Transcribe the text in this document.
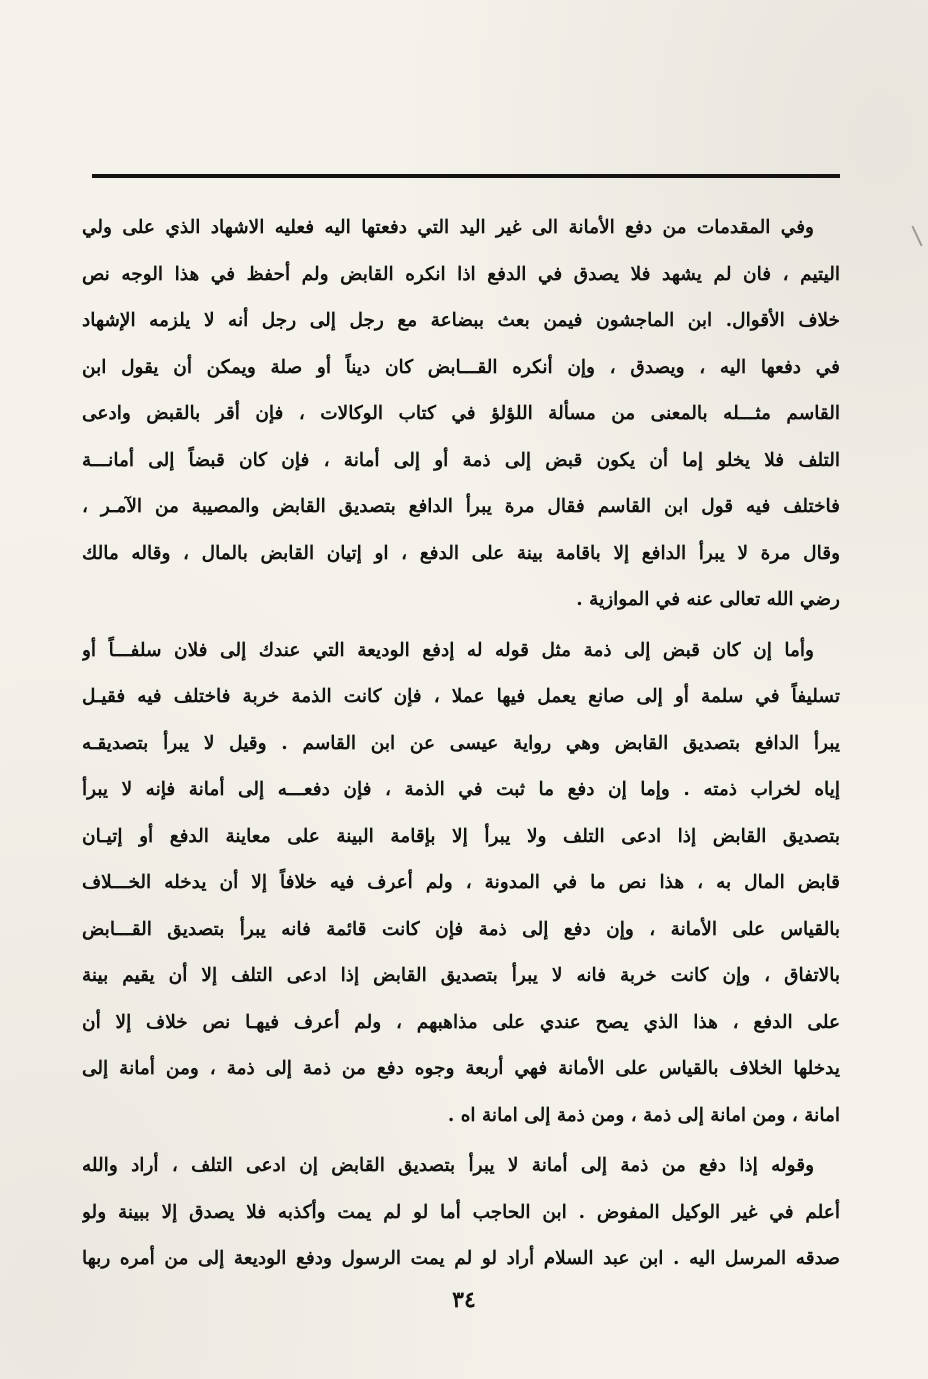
وفي المقدمات من دفع الأمانة الى غير اليد التي دفعتها اليه فعليه الاشهاد الذي على ولي
اليتيم ، فان لم يشهد فلا يصدق في الدفع اذا انكره القابض ولم أحفظ في هذا الوجه نص
خلاف الأقوال. ابن الماجشون فيمن بعث ببضاعة مع رجل إلى رجل أنه لا يلزمه الإشهاد
في دفعها اليه ، ويصدق ، وإن أنكره القـــابض كان ديناً أو صلة ويمكن أن يقول ابن
القاسم مثـــله بالمعنى من مسألة اللؤلؤ في كتاب الوكالات ، فإن أقر بالقبض وادعى
التلف فلا يخلو إما أن يكون قبض إلى ذمة أو إلى أمانة ، فإن كان قبضاً إلى أمانـــة
فاختلف فيه قول ابن القاسم فقال مرة يبرأ الدافع بتصديق القابض والمصيبة من الآمـر ،
وقال مرة لا يبرأ الدافع إلا باقامة بينة على الدفع ، او إتيان القابض بالمال ، وقاله مالك
رضي الله تعالى عنه في الموازية .
وأما إن كان قبض إلى ذمة مثل قوله له إدفع الوديعة التي عندك إلى فلان سلفـــاً أو
تسليفاً في سلمة أو إلى صانع يعمل فيها عملا ، فإن كانت الذمة خربة فاختلف فيه فقيـل
يبرأ الدافع بتصديق القابض وهي رواية عيسى عن ابن القاسم . وقيل لا يبرأ بتصديقـه
إياه لخراب ذمته . وإما إن دفع ما ثبت في الذمة ، فإن دفعـــه إلى أمانة فإنه لا يبرأ
بتصديق القابض إذا ادعى التلف ولا يبرأ إلا بإقامة البينة على معاينة الدفع أو إتيـان
قابض المال به ، هذا نص ما في المدونة ، ولم أعرف فيه خلافاً إلا أن يدخله الخـــلاف
بالقياس على الأمانة ، وإن دفع إلى ذمة فإن كانت قائمة فانه يبرأ بتصديق القـــابض
بالاتفاق ، وإن كانت خربة فانه لا يبرأ بتصديق القابض إذا ادعى التلف إلا أن يقيم بينة
على الدفع ، هذا الذي يصح عندي على مذاهبهم ، ولم أعرف فيهـا نص خلاف إلا أن
يدخلها الخلاف بالقياس على الأمانة فهي أربعة وجوه دفع من ذمة إلى ذمة ، ومن أمانة إلى
امانة ، ومن امانة إلى ذمة ، ومن ذمة إلى امانة اه .
وقوله إذا دفع من ذمة إلى أمانة لا يبرأ بتصديق القابض إن ادعى التلف ، أراد والله
أعلم في غير الوكيل المفوض . ابن الحاجب أما لو لم يمت وأكذبه فلا يصدق إلا ببينة ولو
صدقه المرسل اليه . ابن عبد السلام أراد لو لم يمت الرسول ودفع الوديعة إلى من أمره ربها
٣٤
